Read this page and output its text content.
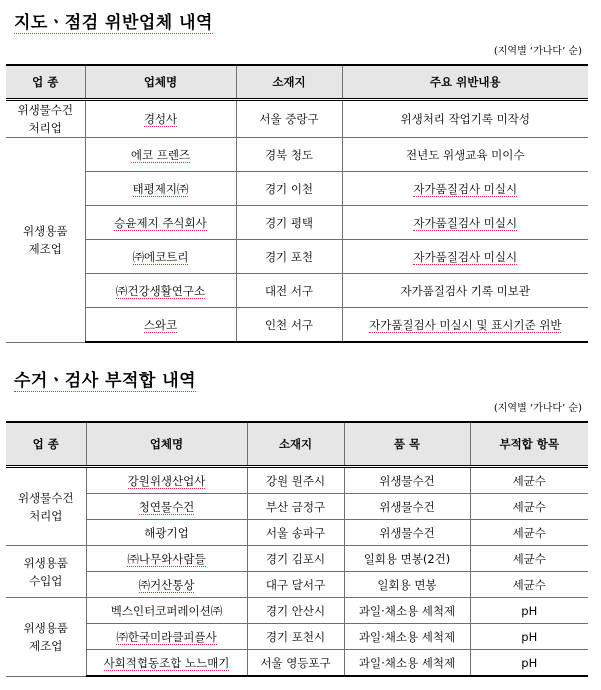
지도ㆍ점검 위반업체 내역
(지역별 ‘가나다’ 순)
업 종	업체명	소재지	주요 위반내용
위생물수건
처리업	경성사	서울 중랑구	위생처리 작업기록 미작성
위생용품
제조업	에코 프렌즈	경북 청도	전년도 위생교육 미이수
	태평제지㈜	경기 이천	자가품질검사 미실시
	승윤제지 주식회사	경기 평택	자가품질검사 미실시
	㈜에코트리	경기 포천	자가품질검사 미실시
	㈜건강생활연구소	대전 서구	자가품질검사 기록 미보관
	스와코	인천 서구	자가품질검사 미실시 및 표시기준 위반
수거ㆍ검사 부적합 내역
(지역별 ‘가나다’ 순)
업 종	업체명	소재지	품 목	부적합 항목
위생물수건
처리업	강원위생산업사	강원 원주시	위생물수건	세균수
	청연물수건	부산 금정구	위생물수건	세균수
	해광기업	서울 송파구	위생물수건	세균수
위생용품
수입업	㈜나무와사람들	경기 김포시	일회용 면봉(2건)	세균수
	㈜거산통상	대구 달서구	일회용 면봉	세균수
위생용품
제조업	벡스인터코퍼레이션㈜	경기 안산시	과일·채소용 세척제	pH
	㈜한국미라클피플사	경기 포천시	과일·채소용 세척제	pH
	사회적협동조합 노느매기	서울 영등포구	과일·채소용 세척제	pH
